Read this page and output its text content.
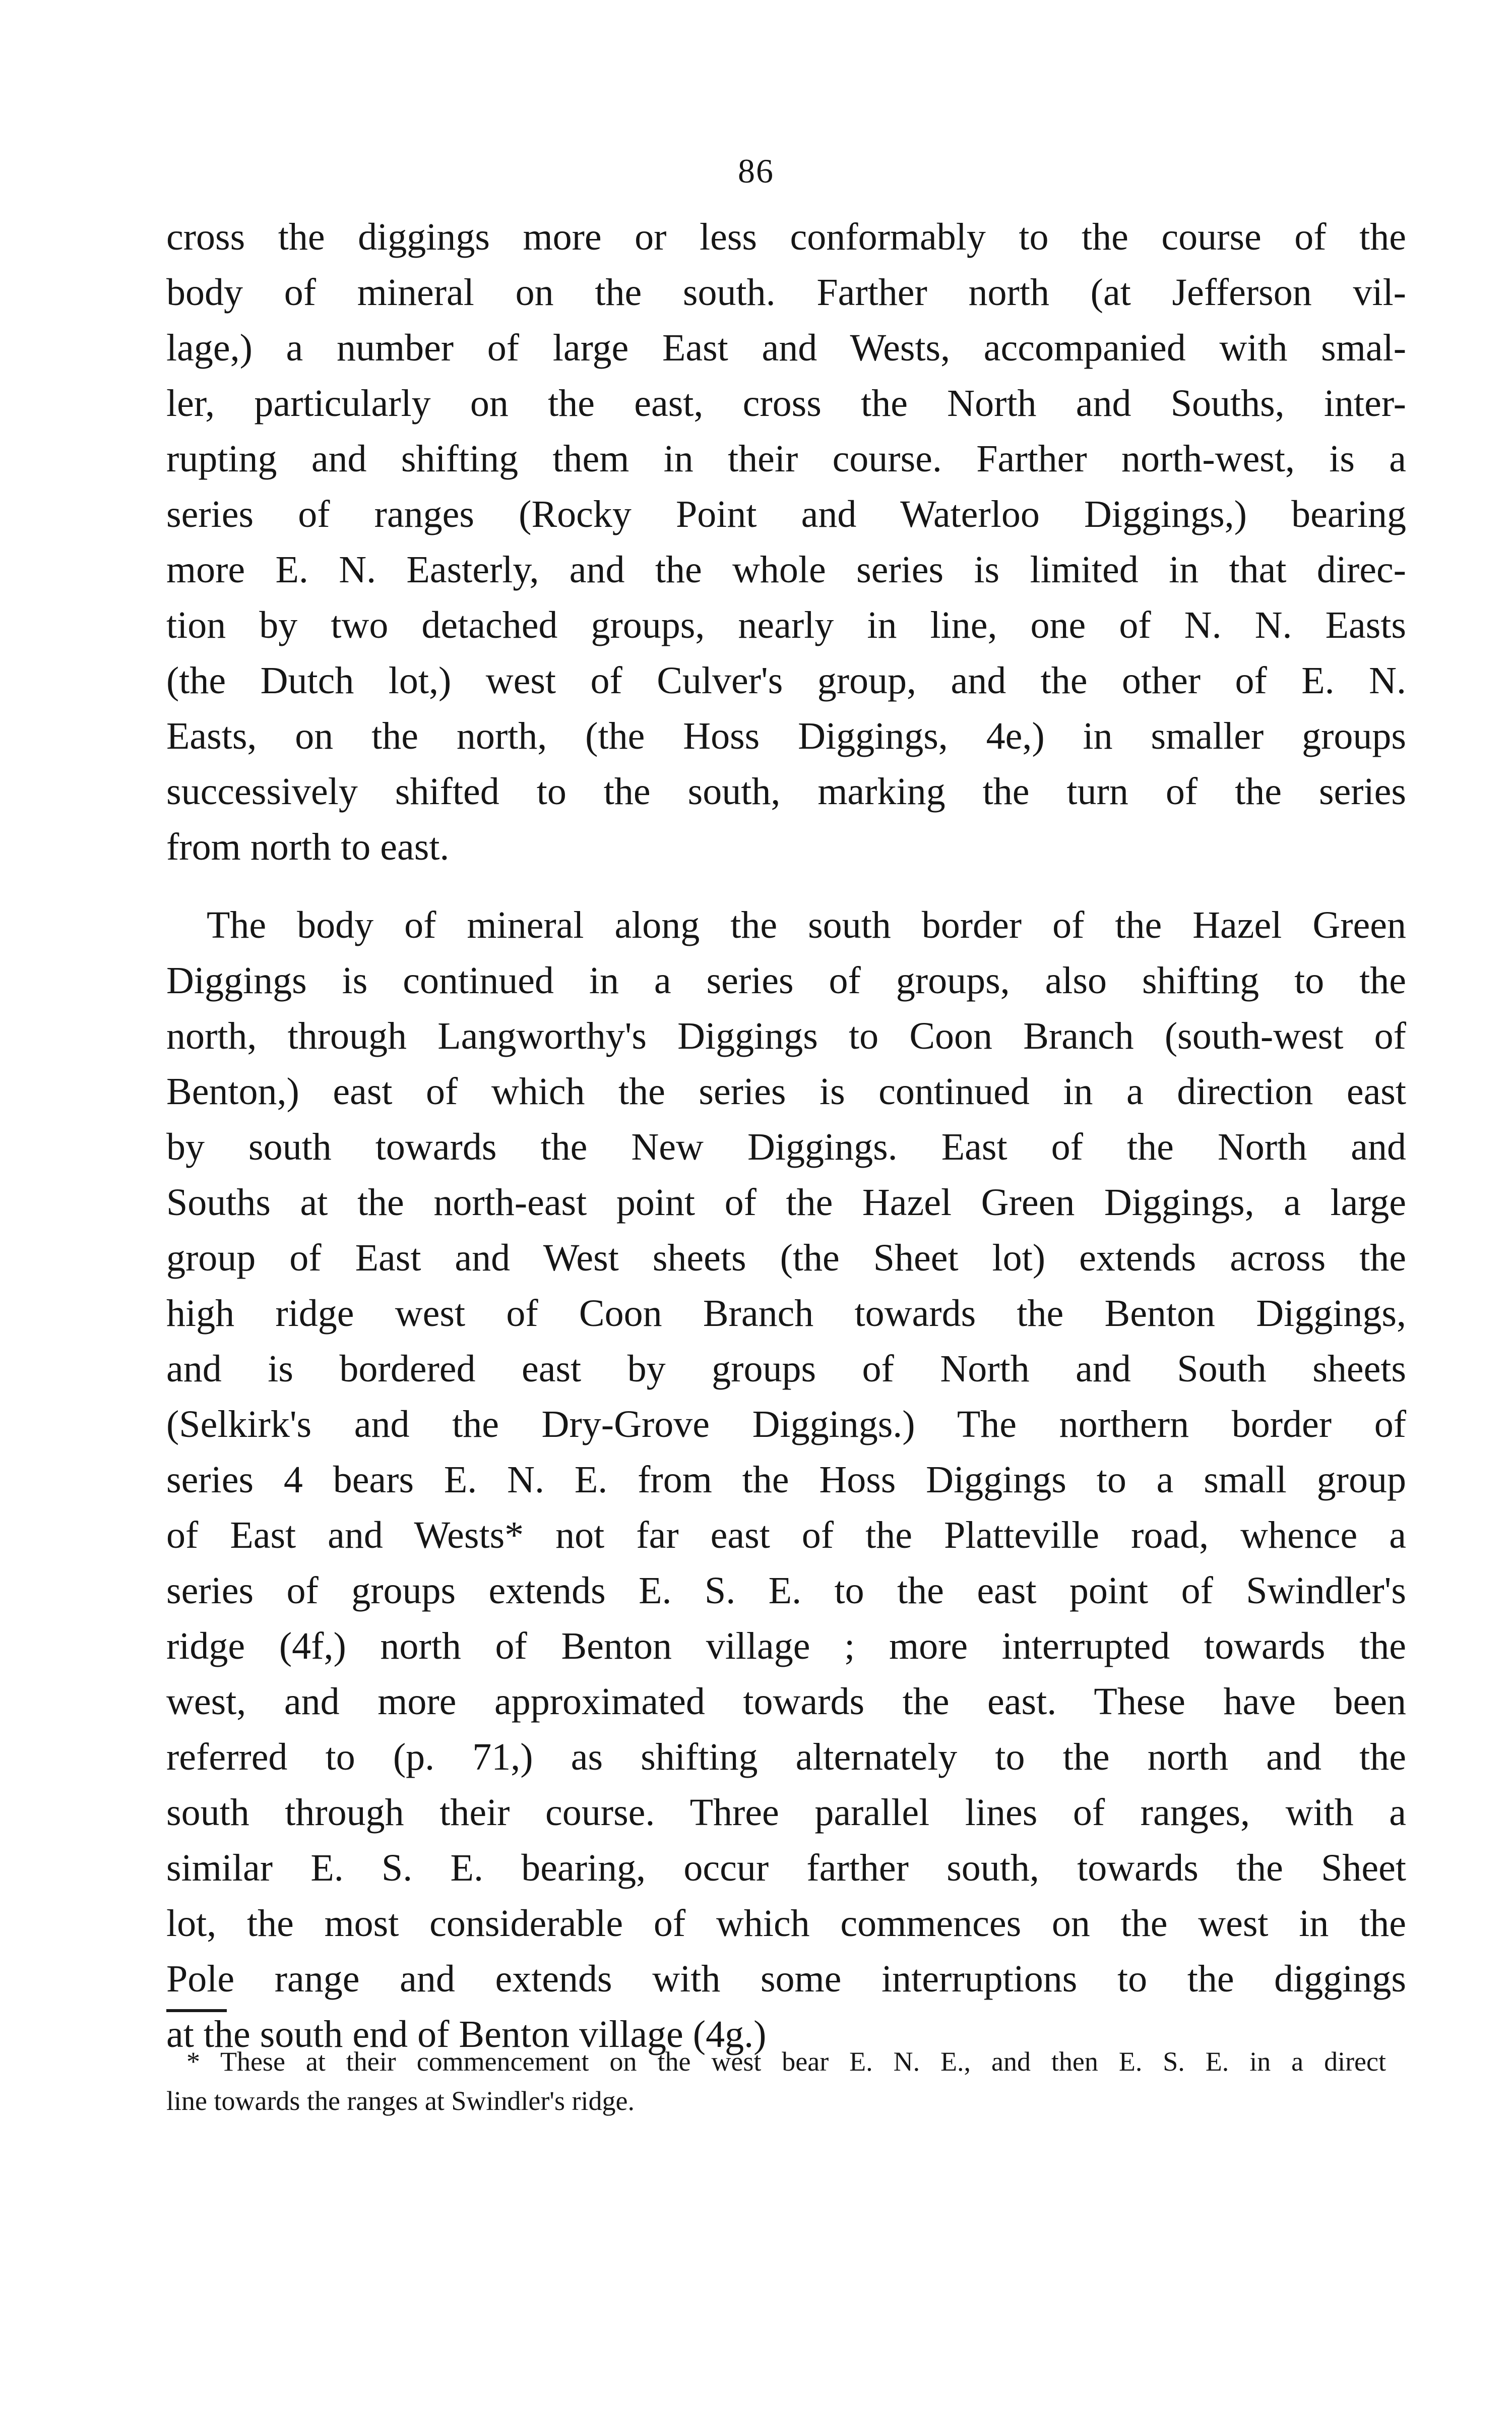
86
cross the diggings more or less conformably to the course of the
body of mineral on the south. Farther north (at Jefferson vil-
lage,) a number of large East and Wests, accompanied with smal-
ler, particularly on the east, cross the North and Souths, inter-
rupting and shifting them in their course. Farther north-west, is a
series of ranges (Rocky Point and Waterloo Diggings,) bearing
more E. N. Easterly, and the whole series is limited in that direc-
tion by two detached groups, nearly in line, one of N. N. Easts
(the Dutch lot,) west of Culver's group, and the other of E. N.
Easts, on the north, (the Hoss Diggings, 4e,) in smaller groups
successively shifted to the south, marking the turn of the series
from north to east.
The body of mineral along the south border of the Hazel Green
Diggings is continued in a series of groups, also shifting to the
north, through Langworthy's Diggings to Coon Branch (south-west of
Benton,) east of which the series is continued in a direction east
by south towards the New Diggings. East of the North and
Souths at the north-east point of the Hazel Green Diggings, a large
group of East and West sheets (the Sheet lot) extends across the
high ridge west of Coon Branch towards the Benton Diggings,
and is bordered east by groups of North and South sheets
(Selkirk's and the Dry-Grove Diggings.) The northern border of
series 4 bears E. N. E. from the Hoss Diggings to a small group
of East and Wests* not far east of the Platteville road, whence a
series of groups extends E. S. E. to the east point of Swindler's
ridge (4f,) north of Benton village ; more interrupted towards the
west, and more approximated towards the east. These have been
referred to (p. 71,) as shifting alternately to the north and the
south through their course. Three parallel lines of ranges, with a
similar E. S. E. bearing, occur farther south, towards the Sheet
lot, the most considerable of which commences on the west in the
Pole range and extends with some interruptions to the diggings
at the south end of Benton village (4g.)
* These at their commencement on the west bear E. N. E., and then E. S. E. in a direct
line towards the ranges at Swindler's ridge.
